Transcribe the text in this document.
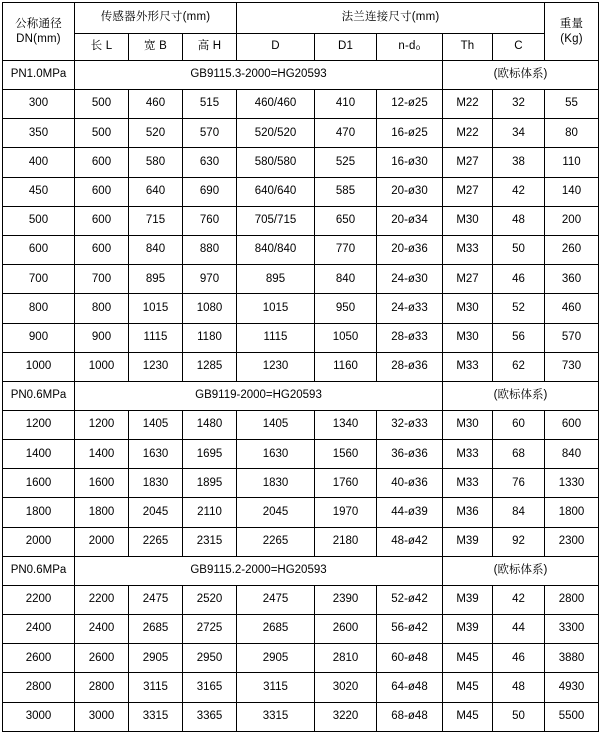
公称通径
DN(mm)	传感器外形尺寸(mm)			法兰连接尺寸(mm)					重量
(Kg)

	长 L	宽 B	高 H	D	D1	n-d₀	Th	C	
PN1.0MPa	GB9115.3-2000=HG20593						(欧标体系)		
300	500	460	515	460/460	410	12-ø25	M22	32	55
350	500	520	570	520/520	470	16-ø25	M22	34	80
400	600	580	630	580/580	525	16-ø30	M27	38	110
450	600	640	690	640/640	585	20-ø30	M27	42	140
500	600	715	760	705/715	650	20-ø34	M30	48	200
600	600	840	880	840/840	770	20-ø36	M33	50	260
700	700	895	970	895	840	24-ø30	M27	46	360
800	800	1015	1080	1015	950	24-ø33	M30	52	460
900	900	1115	1180	1115	1050	28-ø33	M30	56	570
1000	1000	1230	1285	1230	1160	28-ø36	M33	62	730
PN0.6MPa	GB9119-2000=HG20593						(欧标体系)		
1200	1200	1405	1480	1405	1340	32-ø33	M30	60	600
1400	1400	1630	1695	1630	1560	36-ø36	M33	68	840
1600	1600	1830	1895	1830	1760	40-ø36	M33	76	1330
1800	1800	2045	2110	2045	1970	44-ø39	M36	84	1800
2000	2000	2265	2315	2265	2180	48-ø42	M39	92	2300
PN0.6MPa	GB9115.2-2000=HG20593						(欧标体系)		
2200	2200	2475	2520	2475	2390	52-ø42	M39	42	2800
2400	2400	2685	2725	2685	2600	56-ø42	M39	44	3300
2600	2600	2905	2950	2905	2810	60-ø48	M45	46	3880
2800	2800	3115	3165	3115	3020	64-ø48	M45	48	4930
3000	3000	3315	3365	3315	3220	68-ø48	M45	50	5500
